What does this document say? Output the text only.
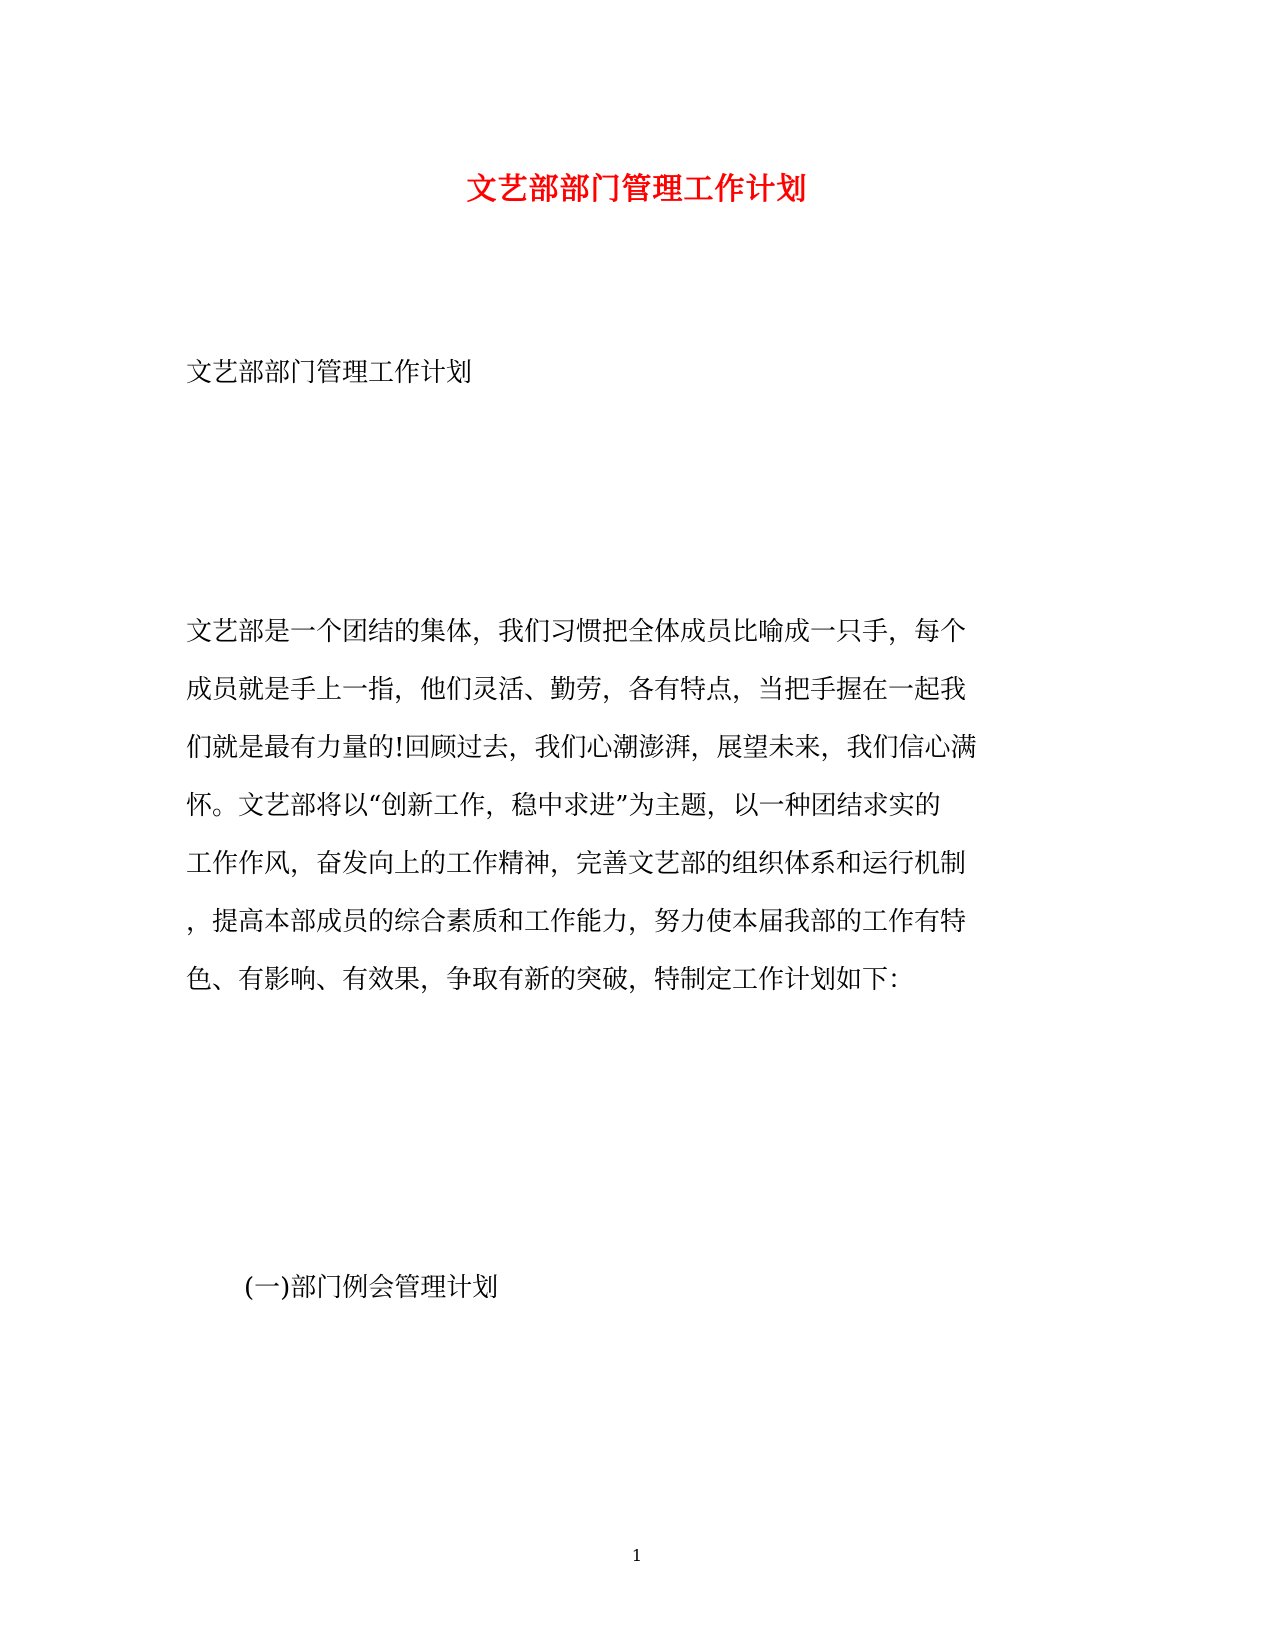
文艺部部门管理工作计划
文艺部部门管理工作计划
文艺部是一个团结的集体，我们习惯把全体成员比喻成一只手，每个
成员就是手上一指，他们灵活、勤劳，各有特点，当把手握在一起我
们就是最有力量的!回顾过去，我们心潮澎湃，展望未来，我们信心满
怀。文艺部将以“创新工作，稳中求进”为主题，以一种团结求实的
工作作风，奋发向上的工作精神，完善文艺部的组织体系和运行机制
，提高本部成员的综合素质和工作能力，努力使本届我部的工作有特
色、有影响、有效果，争取有新的突破，特制定工作计划如下：
(一)部门例会管理计划
1
